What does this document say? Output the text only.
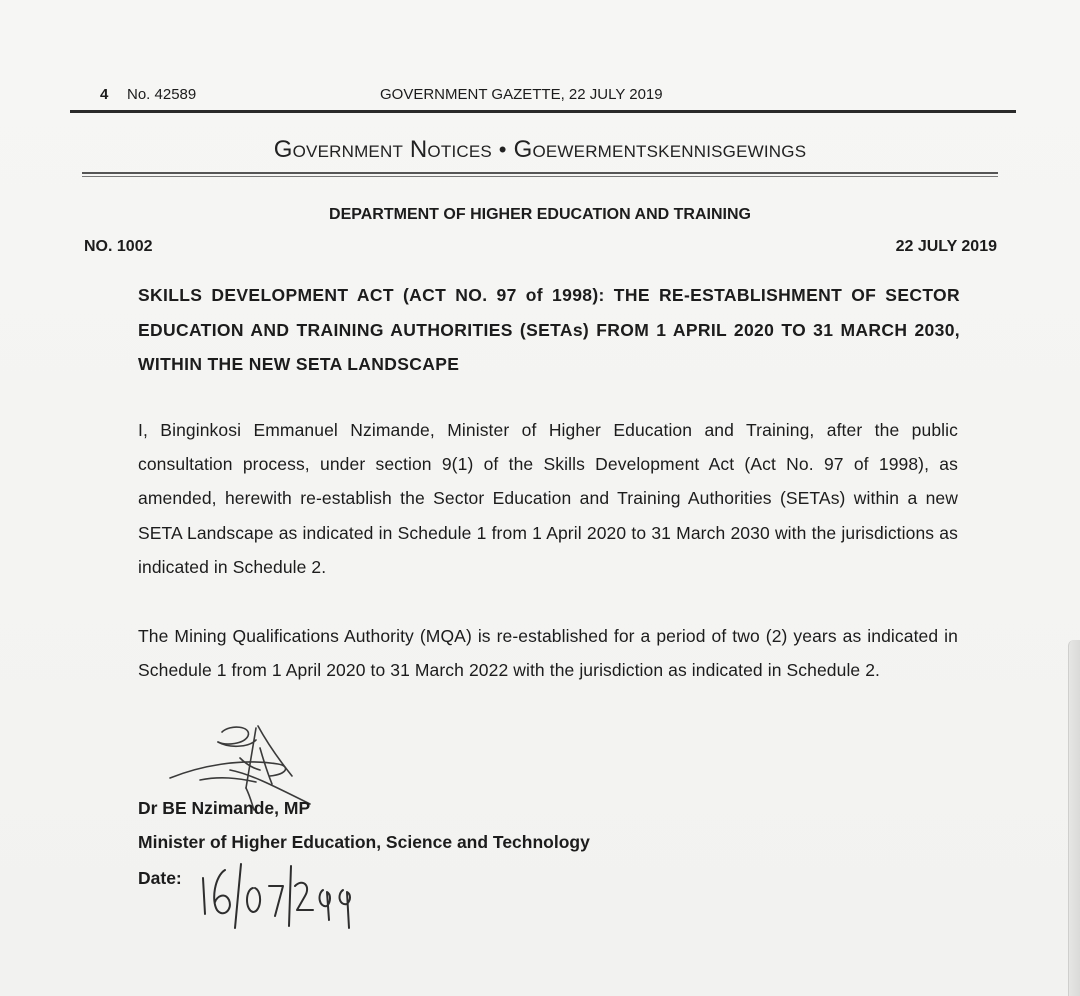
4 No. 42589	GOVERNMENT GAZETTE, 22 JULY 2019
Government Notices • Goewermentskennisgewings
DEPARTMENT OF HIGHER EDUCATION AND TRAINING
NO. 1002	22 JULY 2019
SKILLS DEVELOPMENT ACT (ACT NO. 97 of 1998): THE RE-ESTABLISHMENT OF SECTOR EDUCATION AND TRAINING AUTHORITIES (SETAs) FROM 1 APRIL 2020 TO 31 MARCH 2030, WITHIN THE NEW SETA LANDSCAPE
I, Binginkosi Emmanuel Nzimande, Minister of Higher Education and Training, after the public consultation process, under section 9(1) of the Skills Development Act (Act No. 97 of 1998), as amended, herewith re-establish the Sector Education and Training Authorities (SETAs) within a new SETA Landscape as indicated in Schedule 1 from 1 April 2020 to 31 March 2030 with the jurisdictions as indicated in Schedule 2.
The Mining Qualifications Authority (MQA) is re-established for a period of two (2) years as indicated in Schedule 1 from 1 April 2020 to 31 March 2022 with the jurisdiction as indicated in Schedule 2.
Dr BE Nzimande, MP
Minister of Higher Education, Science and Technology
Date:
